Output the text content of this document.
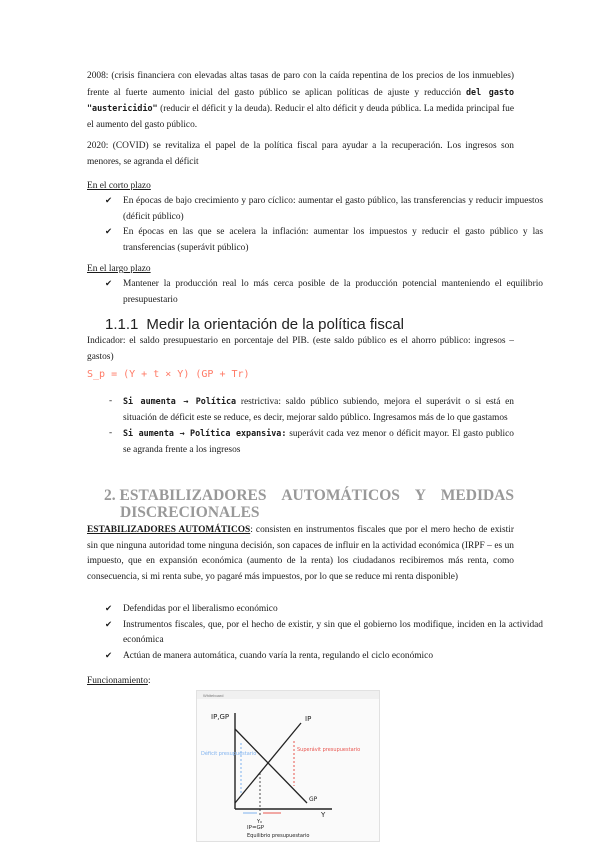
2008: (crisis financiera con elevadas altas tasas de paro con la caída repentina de los precios de los inmuebles) frente al fuerte aumento inicial del gasto público se aplican políticas de ajuste y reducción del gasto "austericidio" (reducir el déficit y la deuda). Reducir el alto déficit y deuda pública. La medida principal fue el aumento del gasto público.

2020: (COVID) se revitaliza el papel de la política fiscal para ayudar a la recuperación. Los ingresos son menores, se agranda el déficit

En el corto plazo

✔ En épocas de bajo crecimiento y paro cíclico: aumentar el gasto público, las transferencias y reducir impuestos (déficit público)
✔ En épocas en las que se acelera la inflación: aumentar los impuestos y reducir el gasto público y las transferencias (superávit público)

En el largo plazo

✔ Mantener la producción real lo más cerca posible de la producción potencial manteniendo el equilibrio presupuestario
1.1.1 Medir la orientación de la política fiscal

Indicador: el saldo presupuestario en porcentaje del PIB. (este saldo público es el ahorro público: ingresos – gastos)

S_p = (Y + t × Y) (GP + Tr)
- Si aumenta → Política restrictiva: saldo público subiendo, mejora el superávit o si está en situación de déficit este se reduce, es decir, mejorar saldo público. Ingresamos más de lo que gastamos
- Si aumenta → Política expansiva: superávit cada vez menor o déficit mayor. El gasto publico se agranda frente a los ingresos
2. ESTABILIZADORES AUTOMÁTICOS Y MEDIDAS
DISCRECIONALES

ESTABILIZADORES AUTOMÁTICOS: consisten en instrumentos fiscales que por el mero hecho de existir sin que ninguna autoridad tome ninguna decisión, son capaces de influir en la actividad económica (IRPF – es un impuesto, que en expansión económica (aumento de la renta) los ciudadanos recibiremos más renta, como consecuencia, si mi renta sube, yo pagaré más impuestos, por lo que se reduce mi renta disponible)

✔ Defendidas por el liberalismo económico
✔ Instrumentos fiscales, que, por el hecho de existir, y sin que el gobierno los modifique, inciden en la actividad económica
✔ Actúan de manera automática, cuando varía la renta, regulando el ciclo económico

Funcionamiento:

Whiteboard
IP,GP	IP
GP
Y
Y₀
IP=GP
Equilibrio presupuestario
Déficit presupuestario
Superávit presupuestario
